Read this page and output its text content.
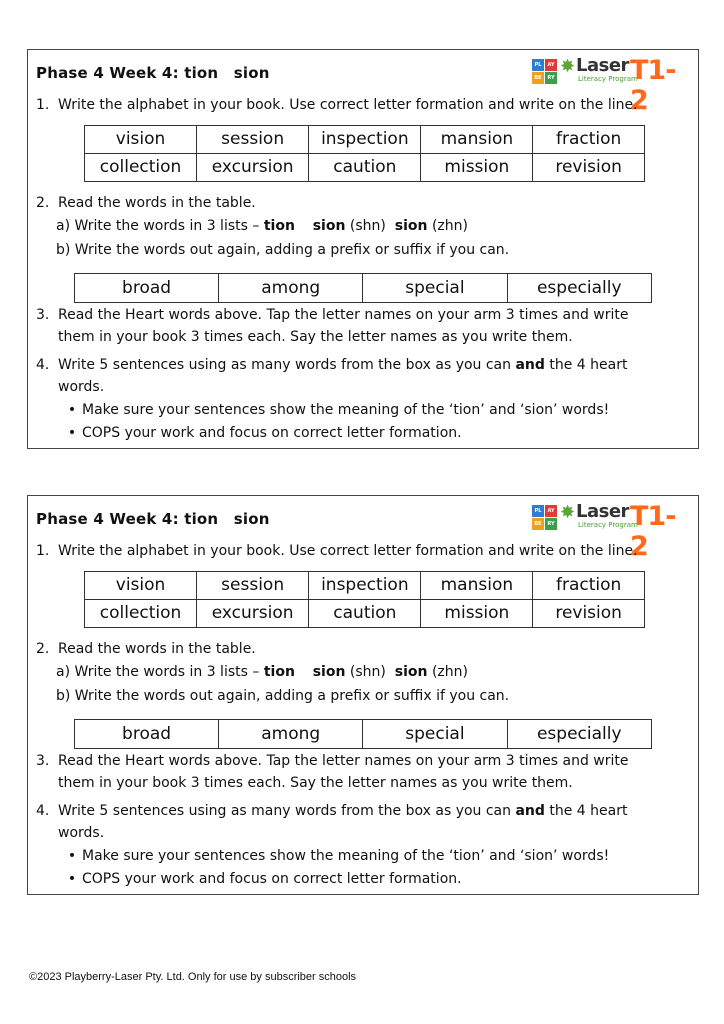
Phase 4 Week 4: tion sion	PL	AY
BE	RY
✸ Laser
Literacy Program
T1-2
1. Write the alphabet in your book. Use correct letter formation and write on the line.
vision	session	inspection	mansion	fraction
collection	excursion	caution	mission	revision
2. Read the words in the table.
a) Write the words in 3 lists – tion sion (shn) sion (zhn)
b) Write the words out again, adding a prefix or suffix if you can.
broad	among	special	especially
3. Read the Heart words above. Tap the letter names on your arm 3 times and write
them in your book 3 times each. Say the letter names as you write them.
4. Write 5 sentences using as many words from the box as you can and the 4 heart
words.
• Make sure your sentences show the meaning of the ‘tion’ and ‘sion’ words!
• COPS your work and focus on correct letter formation.
Phase 4 Week 4: tion sion	PL	AY
BE	RY
✸ Laser
Literacy Program
T1-2
1. Write the alphabet in your book. Use correct letter formation and write on the line.
vision	session	inspection	mansion	fraction
collection	excursion	caution	mission	revision
2. Read the words in the table.
a) Write the words in 3 lists – tion sion (shn) sion (zhn)
b) Write the words out again, adding a prefix or suffix if you can.
broad	among	special	especially
3. Read the Heart words above. Tap the letter names on your arm 3 times and write
them in your book 3 times each. Say the letter names as you write them.
4. Write 5 sentences using as many words from the box as you can and the 4 heart
words.
• Make sure your sentences show the meaning of the ‘tion’ and ‘sion’ words!
• COPS your work and focus on correct letter formation.
©2023 Playberry-Laser Pty. Ltd. Only for use by subscriber schools
